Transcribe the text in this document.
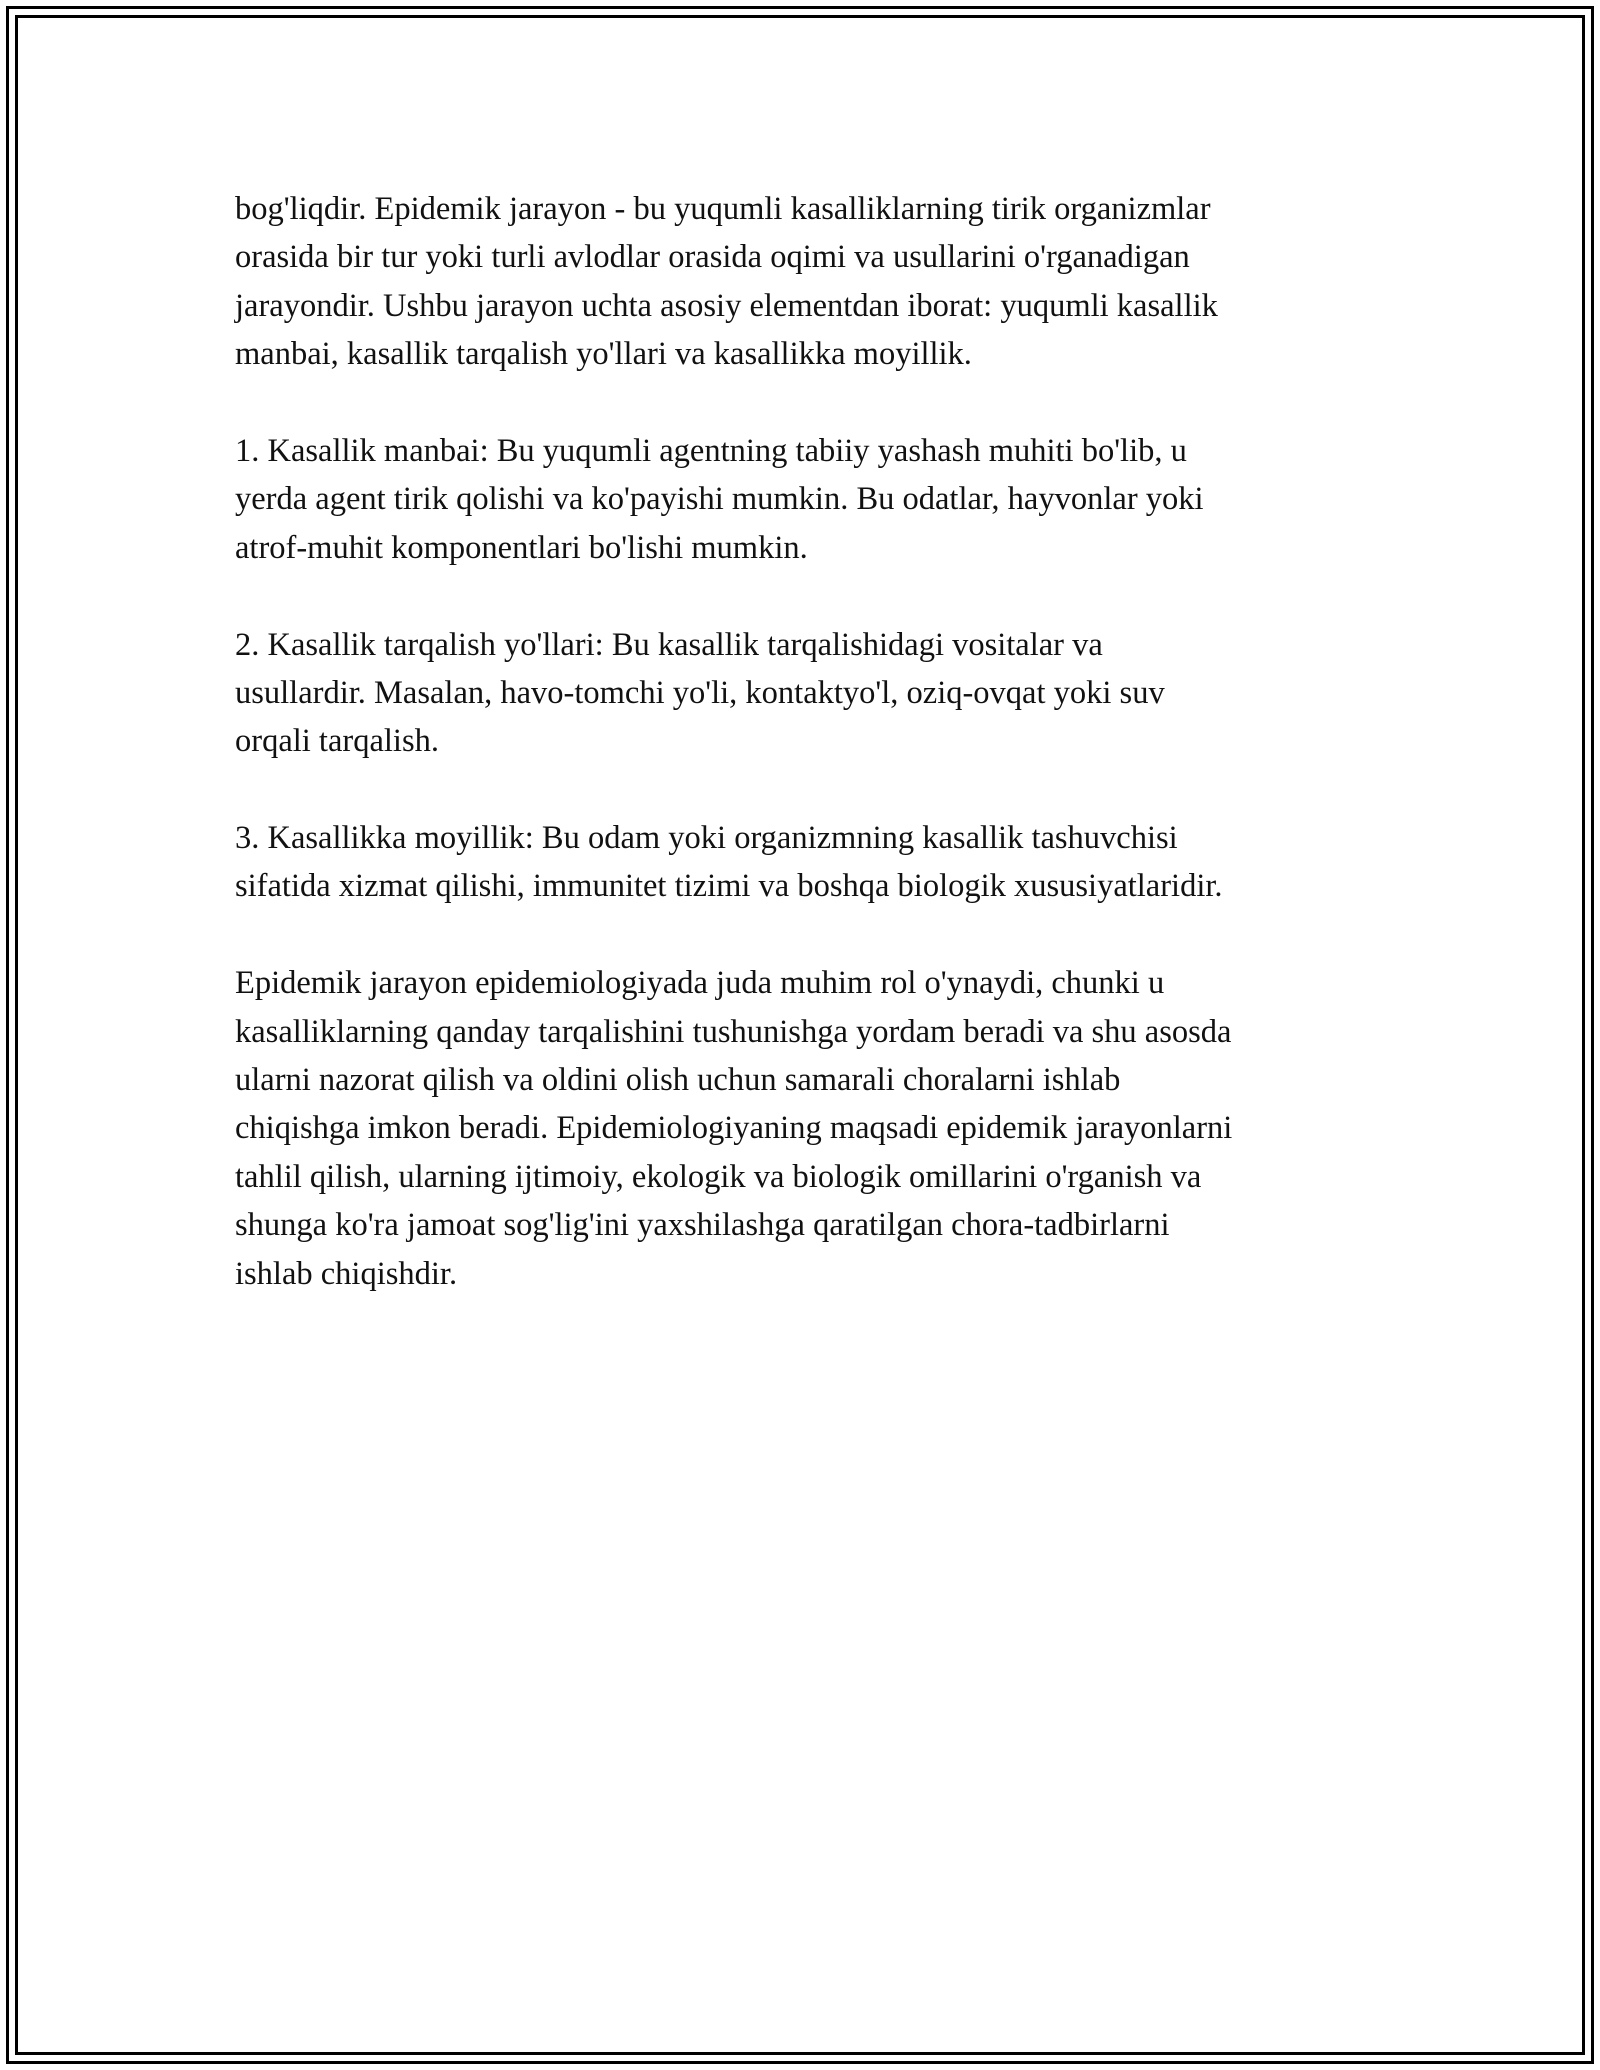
bog'liqdir. Epidemik jarayon - bu yuqumli kasalliklarning tirik organizmlar
orasida bir tur yoki turli avlodlar orasida oqimi va usullarini o'rganadigan
jarayondir. Ushbu jarayon uchta asosiy elementdan iborat: yuqumli kasallik
manbai, kasallik tarqalish yo'llari va kasallikka moyillik.

1. Kasallik manbai: Bu yuqumli agentning tabiiy yashash muhiti bo'lib, u
yerda agent tirik qolishi va ko'payishi mumkin. Bu odatlar, hayvonlar yoki
atrof-muhit komponentlari bo'lishi mumkin.

2. Kasallik tarqalish yo'llari: Bu kasallik tarqalishidagi vositalar va
usullardir. Masalan, havo-tomchi yo'li, kontaktyo'l, oziq-ovqat yoki suv
orqali tarqalish.

3. Kasallikka moyillik: Bu odam yoki organizmning kasallik tashuvchisi
sifatida xizmat qilishi, immunitet tizimi va boshqa biologik xususiyatlaridir.

Epidemik jarayon epidemiologiyada juda muhim rol o'ynaydi, chunki u
kasalliklarning qanday tarqalishini tushunishga yordam beradi va shu asosda
ularni nazorat qilish va oldini olish uchun samarali choralarni ishlab
chiqishga imkon beradi. Epidemiologiyaning maqsadi epidemik jarayonlarni
tahlil qilish, ularning ijtimoiy, ekologik va biologik omillarini o'rganish va
shunga ko'ra jamoat sog'lig'ini yaxshilashga qaratilgan chora-tadbirlarni
ishlab chiqishdir.
